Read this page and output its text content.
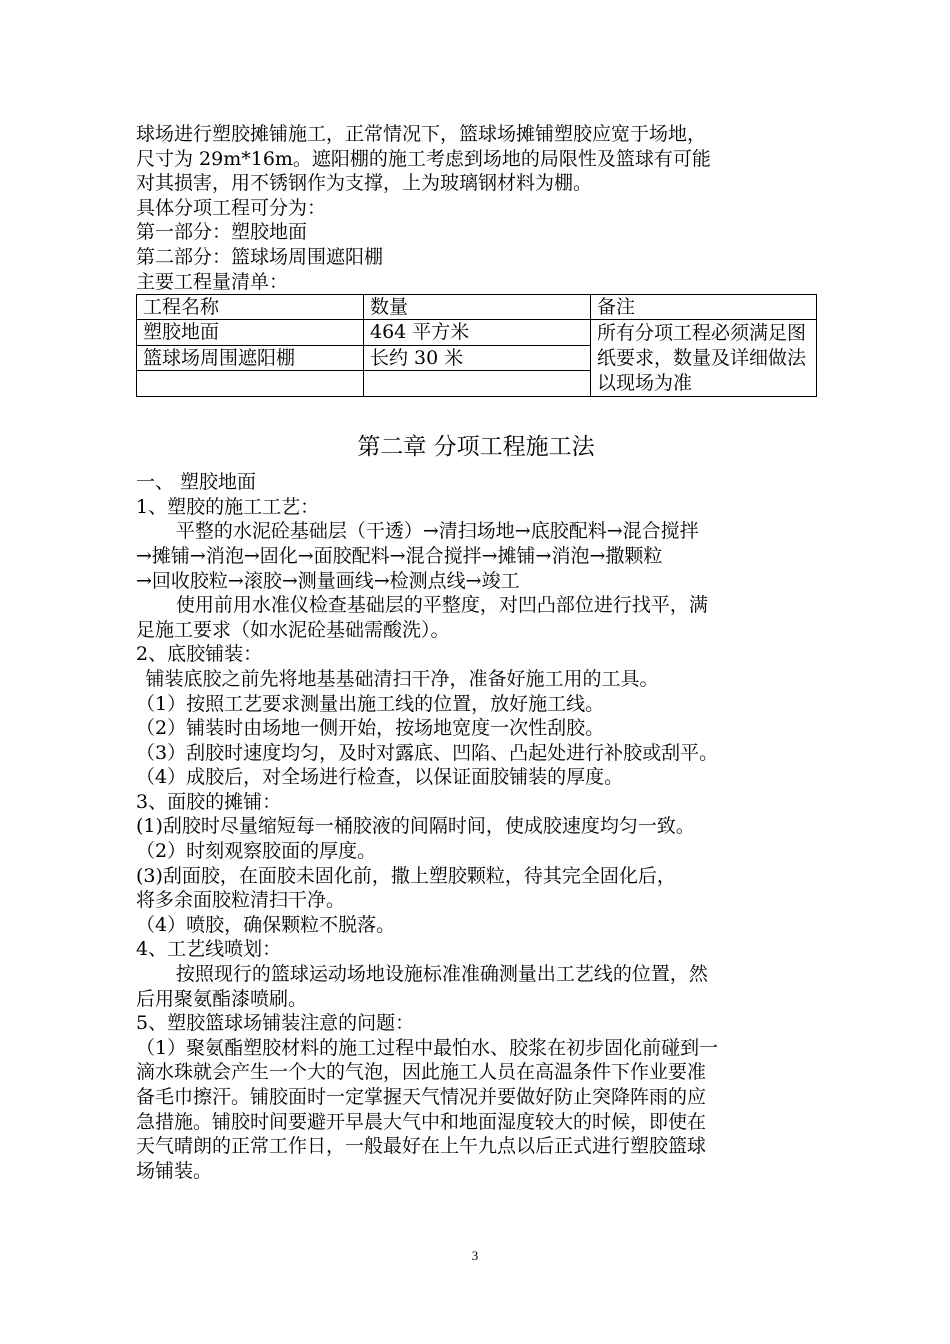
球场进行塑胶摊铺施工，正常情况下，篮球场摊铺塑胶应宽于场地，

尺寸为 29m*16m。遮阳棚的施工考虑到场地的局限性及篮球有可能

对其损害，用不锈钢作为支撑，上为玻璃钢材料为棚。

具体分项工程可分为：

第一部分：塑胶地面

第二部分：篮球场周围遮阳棚

主要工程量清单：

工程名称	数量	备注
塑胶地面	464 平方米	所有分项工程必须满足图纸要求，数量及详细做法以现场为准
篮球场周围遮阳棚	长约 30 米	

第二章 分项工程施工法

一、 塑胶地面

1、塑胶的施工工艺：

平整的水泥砼基础层（干透）→清扫场地→底胶配料→混合搅拌

→摊铺→消泡→固化→面胶配料→混合搅拌→摊铺→消泡→撒颗粒

→回收胶粒→滚胶→测量画线→检测点线→竣工

使用前用水准仪检查基础层的平整度，对凹凸部位进行找平，满

足施工要求（如水泥砼基础需酸洗）。

2、底胶铺装：

铺装底胶之前先将地基基础清扫干净，准备好施工用的工具。

（1）按照工艺要求测量出施工线的位置，放好施工线。

（2）铺装时由场地一侧开始，按场地宽度一次性刮胶。

（3）刮胶时速度均匀，及时对露底、凹陷、凸起处进行补胶或刮平。

（4）成胶后，对全场进行检查，以保证面胶铺装的厚度。

3、面胶的摊铺：

(1)刮胶时尽量缩短每一桶胶液的间隔时间，使成胶速度均匀一致。

（2）时刻观察胶面的厚度。

(3)刮面胶，在面胶未固化前，撒上塑胶颗粒，待其完全固化后，

将多余面胶粒清扫干净。

（4）喷胶，确保颗粒不脱落。

4、工艺线喷划：

按照现行的篮球运动场地设施标准准确测量出工艺线的位置，然

后用聚氨酯漆喷刷。

5、塑胶篮球场铺装注意的问题：

（1）聚氨酯塑胶材料的施工过程中最怕水、胶浆在初步固化前碰到一

滴水珠就会产生一个大的气泡，因此施工人员在高温条件下作业要准

备毛巾擦汗。铺胶面时一定掌握天气情况并要做好防止突降阵雨的应

急措施。铺胶时间要避开早晨大气中和地面湿度较大的时候，即使在

天气晴朗的正常工作日，一般最好在上午九点以后正式进行塑胶篮球

场铺装。

3
